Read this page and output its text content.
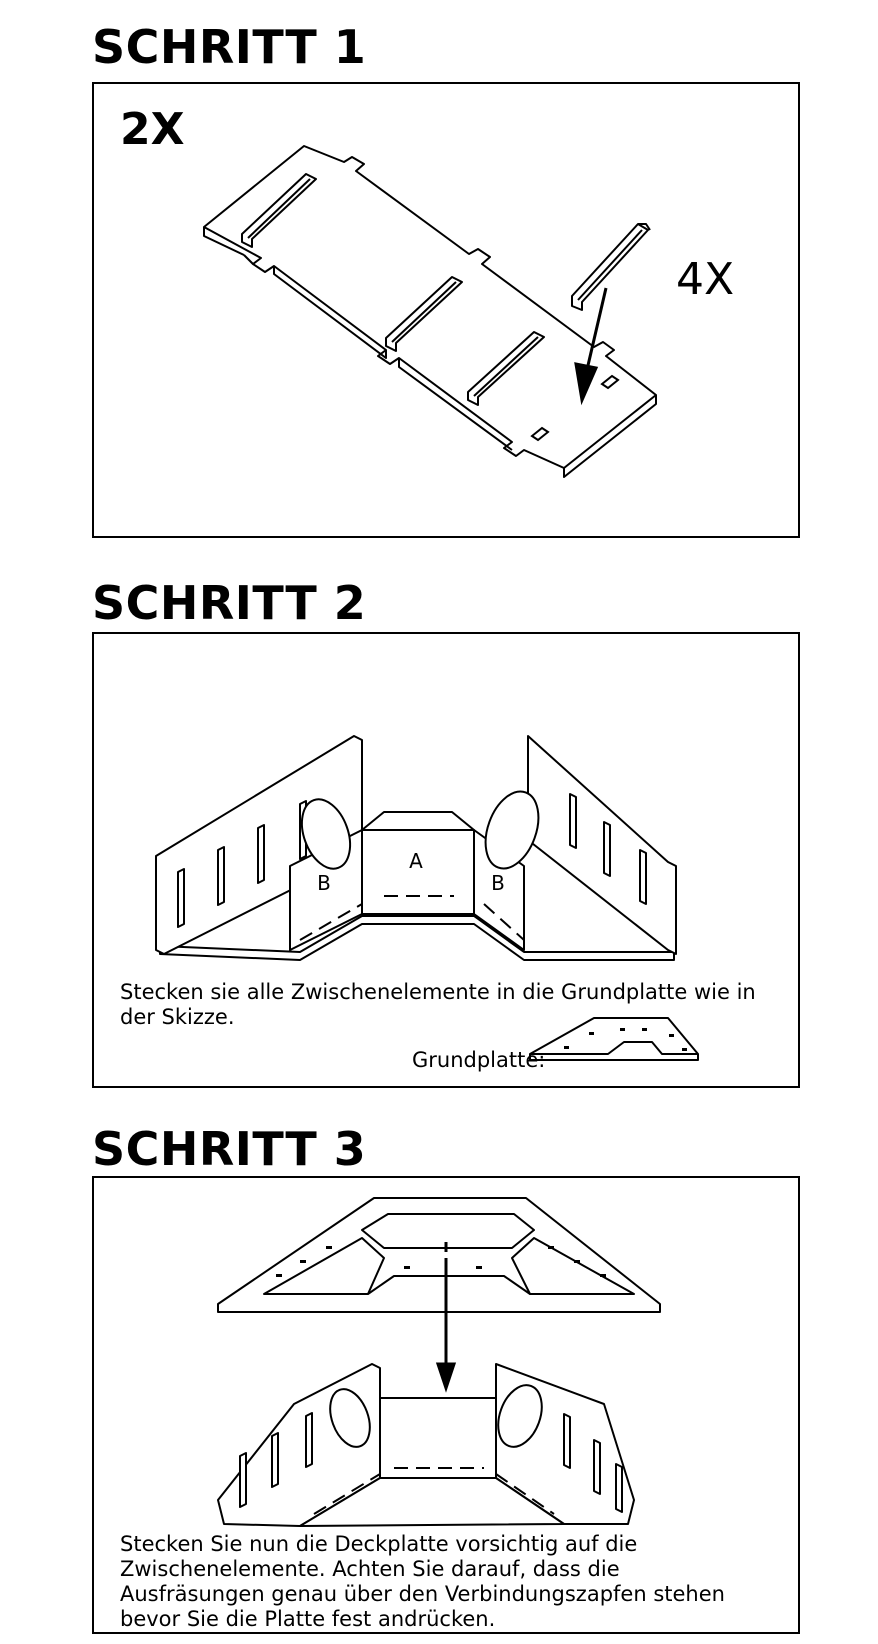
SCHRITT 1
2X
4X
SCHRITT 2
B
A
B

Stecken sie alle Zwischenelemente in die Grundplatte wie in der Skizze.

Grundplatte:
SCHRITT 3

Stecken Sie nun die Deckplatte vorsichtig auf die Zwischenelemente. Achten Sie darauf, dass die Ausfräsungen genau über den Verbindungszapfen stehen bevor Sie die Platte fest andrücken.
